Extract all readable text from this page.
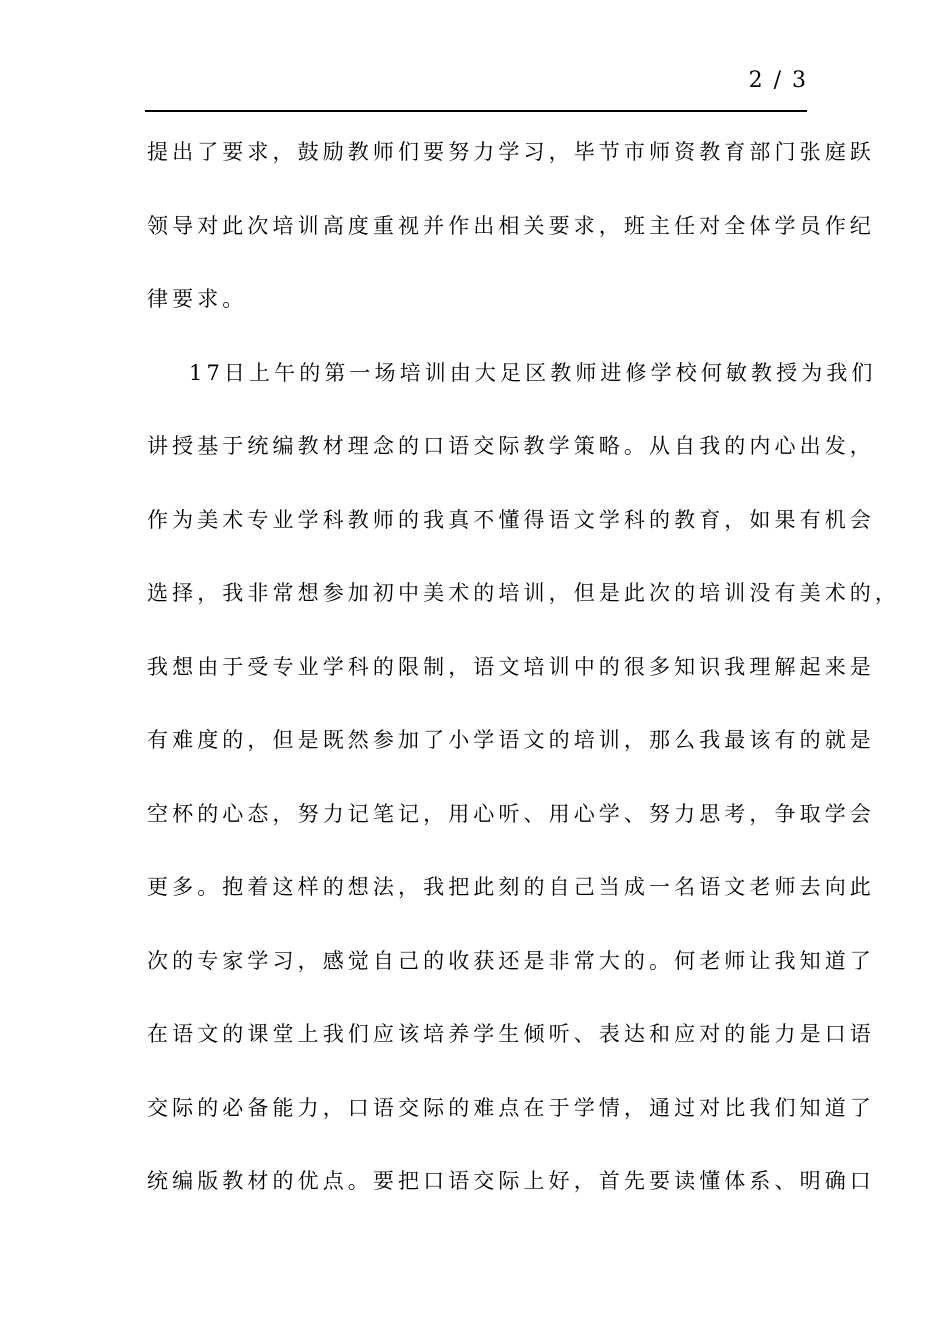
2 / 3
提出了要求，鼓励教师们要努力学习，毕节市师资教育部门张庭跃
领导对此次培训高度重视并作出相关要求，班主任对全体学员作纪
律要求。
17日上午的第一场培训由大足区教师进修学校何敏教授为我们
讲授基于统编教材理念的口语交际教学策略。从自我的内心出发，
作为美术专业学科教师的我真不懂得语文学科的教育，如果有机会
选择，我非常想参加初中美术的培训，但是此次的培训没有美术的，
我想由于受专业学科的限制，语文培训中的很多知识我理解起来是
有难度的，但是既然参加了小学语文的培训，那么我最该有的就是
空杯的心态，努力记笔记，用心听、用心学、努力思考，争取学会
更多。抱着这样的想法，我把此刻的自己当成一名语文老师去向此
次的专家学习，感觉自己的收获还是非常大的。何老师让我知道了
在语文的课堂上我们应该培养学生倾听、表达和应对的能力是口语
交际的必备能力，口语交际的难点在于学情，通过对比我们知道了
统编版教材的优点。要把口语交际上好，首先要读懂体系、明确口
